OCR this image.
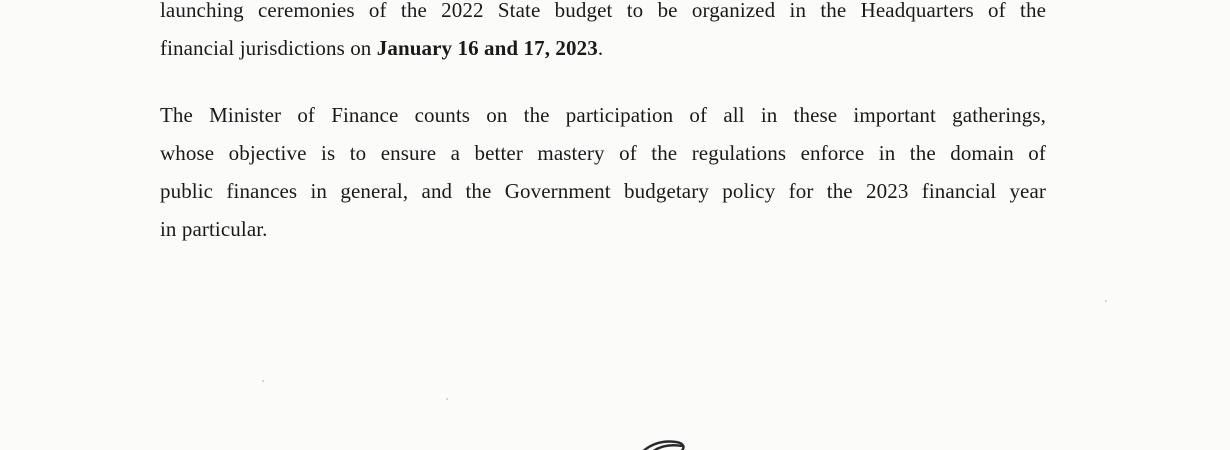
launching ceremonies of the 2022 State budget to be organized in the Headquarters of the
financial jurisdictions on January 16 and 17, 2023.
The Minister of Finance counts on the participation of all in these important gatherings,
whose objective is to ensure a better mastery of the regulations enforce in the domain of
public finances in general, and the Government budgetary policy for the 2023 financial year
in particular.
